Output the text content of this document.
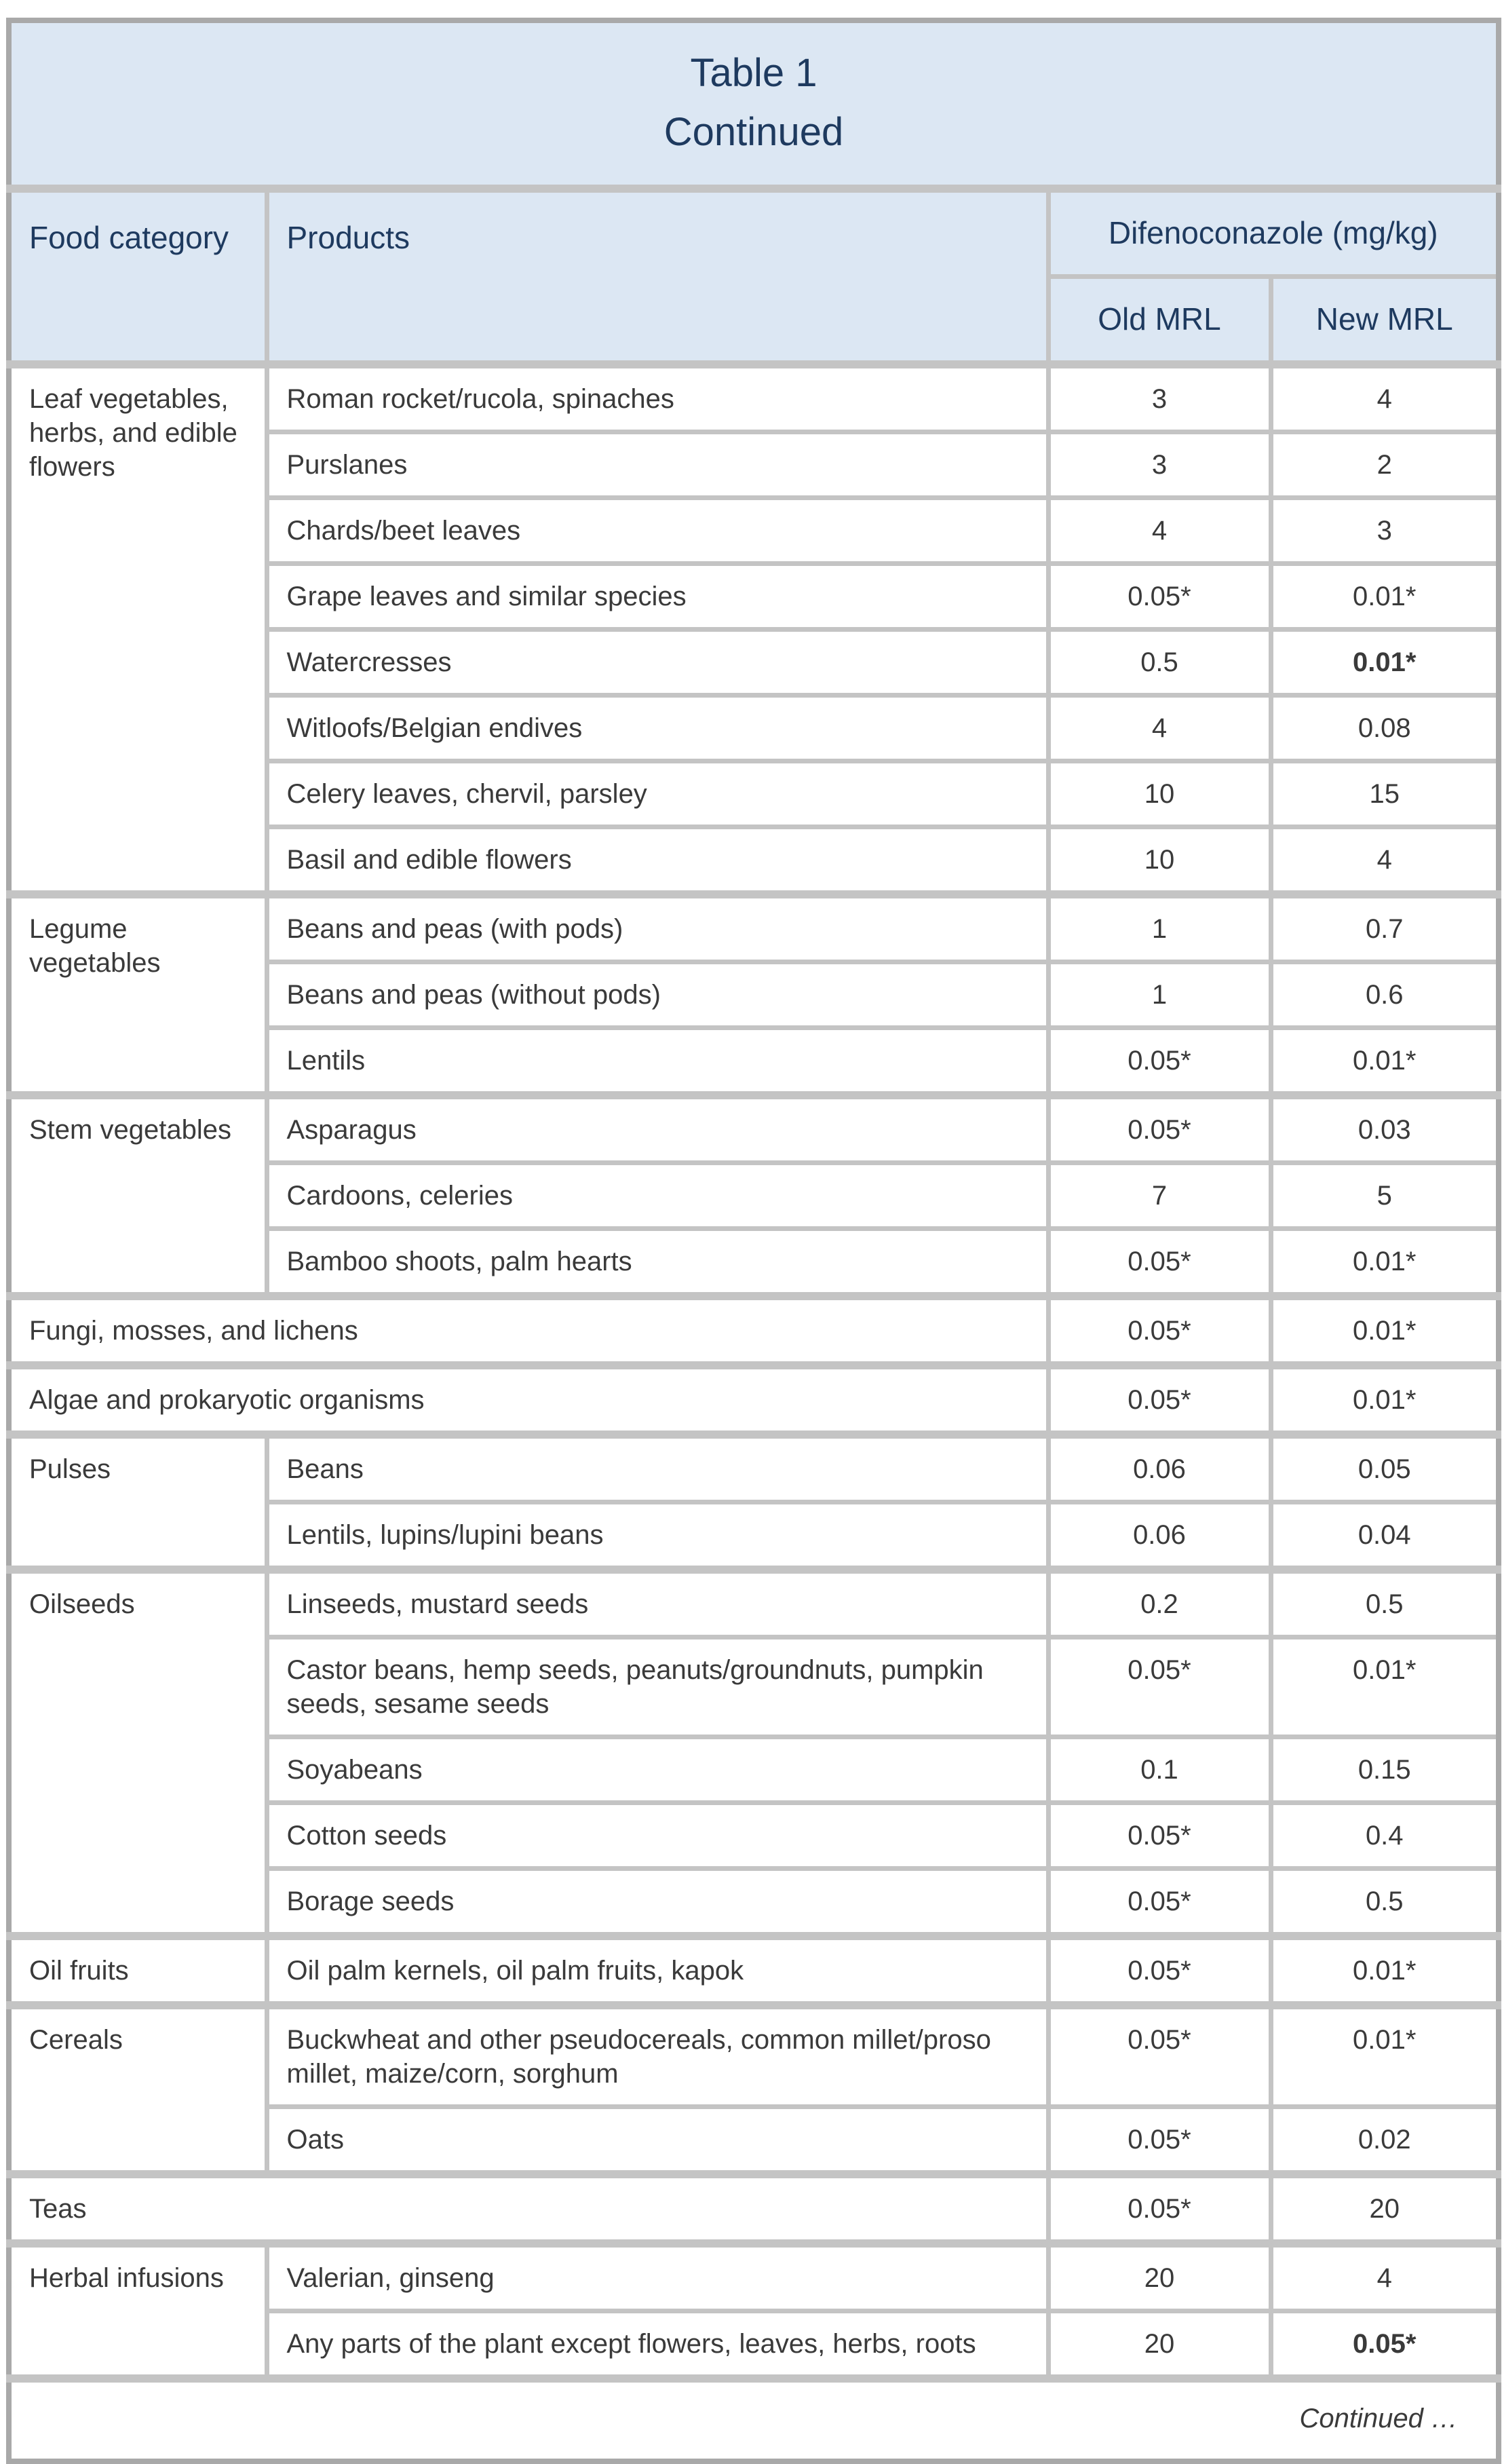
Table 1
Continued			

Food category	Products	Difenoconazole (mg/kg)	
		Old MRL	New MRL
Leaf vegetables, herbs, and edible flowers	Roman rocket/rucola, spinaches	3	4
	Purslanes	3	2
	Chards/beet leaves	4	3
	Grape leaves and similar species	0.05*	0.01*
	Watercresses	0.5	0.01*
	Witloofs/Belgian endives	4	0.08
	Celery leaves, chervil, parsley	10	15
	Basil and edible flowers	10	4
Legume vegetables	Beans and peas (with pods)	1	0.7
	Beans and peas (without pods)	1	0.6
	Lentils	0.05*	0.01*
Stem vegetables	Asparagus	0.05*	0.03
	Cardoons, celeries	7	5
	Bamboo shoots, palm hearts	0.05*	0.01*
Fungi, mosses, and lichens		0.05*	0.01*
Algae and prokaryotic organisms		0.05*	0.01*
Pulses	Beans	0.06	0.05
	Lentils, lupins/lupini beans	0.06	0.04
Oilseeds	Linseeds, mustard seeds	0.2	0.5
	Castor beans, hemp seeds, peanuts/groundnuts, pumpkin seeds, sesame seeds	0.05*	0.01*
	Soyabeans	0.1	0.15
	Cotton seeds	0.05*	0.4
	Borage seeds	0.05*	0.5
Oil fruits	Oil palm kernels, oil palm fruits, kapok	0.05*	0.01*
Cereals	Buckwheat and other pseudocereals, common millet/proso millet, maize/corn, sorghum	0.05*	0.01*
	Oats	0.05*	0.02
Teas		0.05*	20
Herbal infusions	Valerian, ginseng	20	4
	Any parts of the plant except flowers, leaves, herbs, roots	20	0.05*
Continued …			
